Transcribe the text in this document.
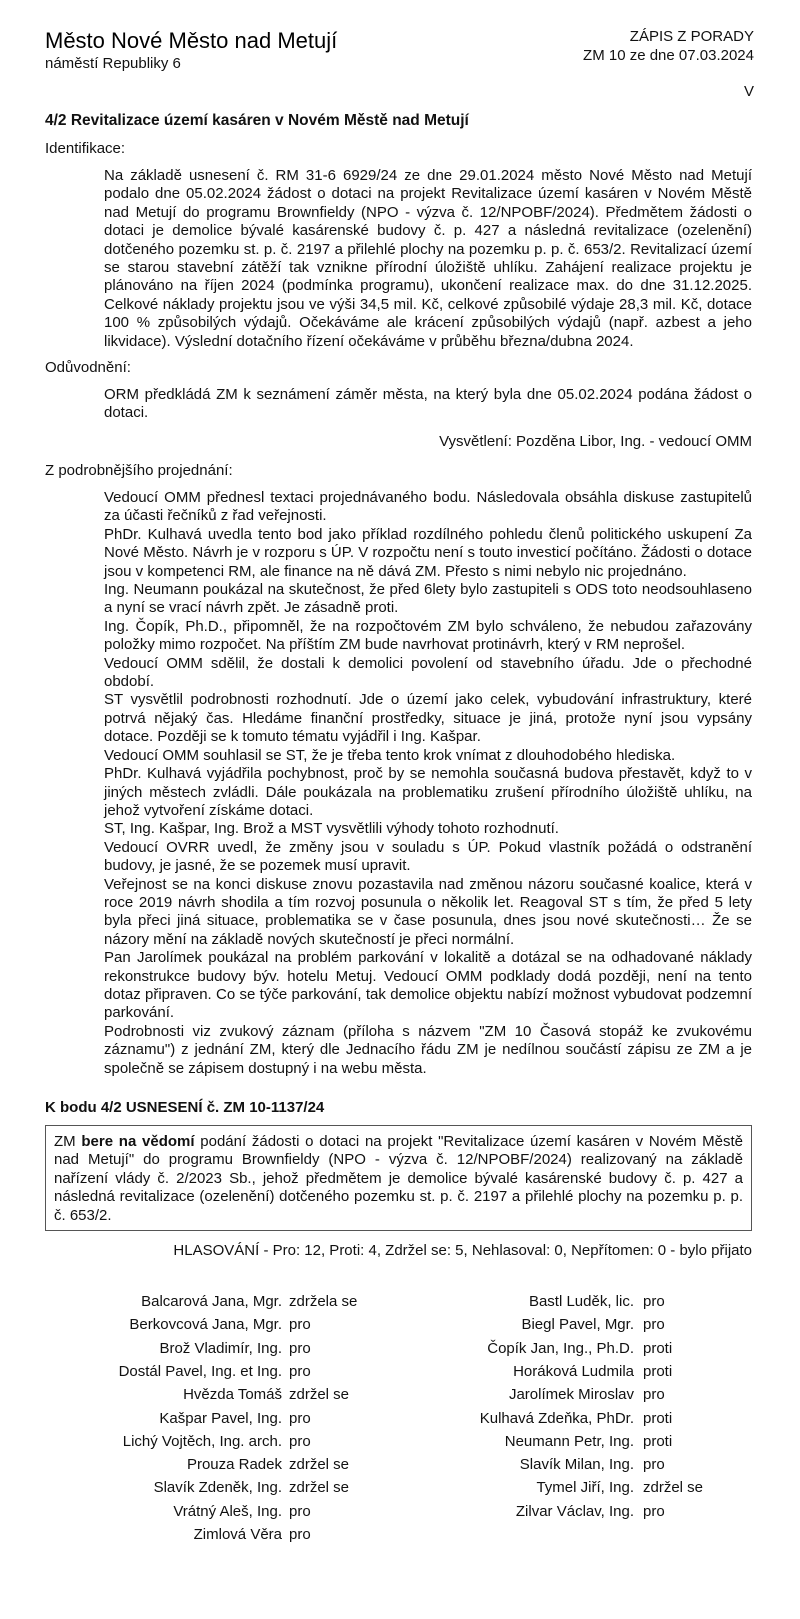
Město Nové Město nad Metují
náměstí Republiky 6
ZÁPIS Z PORADY
ZM 10 ze dne 07.03.2024
V
4/2 Revitalizace území kasáren v Novém Městě nad Metují
Identifikace:
Na základě usnesení č. RM 31-6 6929/24 ze dne 29.01.2024 město Nové Město nad Metují podalo dne 05.02.2024 žádost o dotaci na projekt Revitalizace území kasáren v Novém Městě nad Metují do programu Brownfieldy (NPO - výzva č. 12/NPOBF/2024). Předmětem žádosti o dotaci je demolice bývalé kasárenské budovy č. p. 427 a následná revitalizace (ozelenění) dotčeného pozemku st. p. č. 2197 a přilehlé plochy na pozemku p. p. č. 653/2. Revitalizací území se starou stavební zátěží tak vznikne přírodní úložiště uhlíku. Zahájení realizace projektu je plánováno na říjen 2024 (podmínka programu), ukončení realizace max. do dne 31.12.2025. Celkové náklady projektu jsou ve výši 34,5 mil. Kč, celkové způsobilé výdaje 28,3 mil. Kč, dotace 100 % způsobilých výdajů. Očekáváme ale krácení způsobilých výdajů (např. azbest a jeho likvidace). Výslední dotačního řízení očekáváme v průběhu března/dubna 2024.
Odůvodnění:
ORM předkládá ZM k seznámení záměr města, na který byla dne 05.02.2024 podána žádost o dotaci.
Vysvětlení: Pozděna Libor, Ing. - vedoucí OMM
Z podrobnějšího projednání:

Vedoucí OMM přednesl textaci projednávaného bodu. Následovala obsáhla diskuse zastupitelů za účasti řečníků z řad veřejnosti.

PhDr. Kulhavá uvedla tento bod jako příklad rozdílného pohledu členů politického uskupení Za Nové Město. Návrh je v rozporu s ÚP. V rozpočtu není s touto investicí počítáno. Žádosti o dotace jsou v kompetenci RM, ale finance na ně dává ZM. Přesto s nimi nebylo nic projednáno.

Ing. Neumann poukázal na skutečnost, že před 6lety bylo zastupiteli s ODS toto neodsouhlaseno a nyní se vrací návrh zpět. Je zásadně proti.

Ing. Čopík, Ph.D., připomněl, že na rozpočtovém ZM bylo schváleno, že nebudou zařazovány položky mimo rozpočet. Na příštím ZM bude navrhovat protinávrh, který v RM neprošel.

Vedoucí OMM sdělil, že dostali k demolici povolení od stavebního úřadu. Jde o přechodné období.

ST vysvětlil podrobnosti rozhodnutí. Jde o území jako celek, vybudování infrastruktury, které potrvá nějaký čas. Hledáme finanční prostředky, situace je jiná, protože nyní jsou vypsány dotace. Později se k tomuto tématu vyjádřil i Ing. Kašpar.

Vedoucí OMM souhlasil se ST, že je třeba tento krok vnímat z dlouhodobého hlediska.

PhDr. Kulhavá vyjádřila pochybnost, proč by se nemohla současná budova přestavět, když to v jiných městech zvládli. Dále poukázala na problematiku zrušení přírodního úložiště uhlíku, na jehož vytvoření získáme dotaci.

ST, Ing. Kašpar, Ing. Brož a MST vysvětlili výhody tohoto rozhodnutí.

Vedoucí OVRR uvedl, že změny jsou v souladu s ÚP. Pokud vlastník požádá o odstranění budovy, je jasné, že se pozemek musí upravit.

Veřejnost se na konci diskuse znovu pozastavila nad změnou názoru současné koalice, která v roce 2019 návrh shodila a tím rozvoj posunula o několik let. Reagoval ST s tím, že před 5 lety byla přeci jiná situace, problematika se v čase posunula, dnes jsou nové skutečnosti… Že se názory mění na základě nových skutečností je přeci normální.

Pan Jarolímek poukázal na problém parkování v lokalitě a dotázal se na odhadované náklady rekonstrukce budovy býv. hotelu Metuj. Vedoucí OMM podklady dodá později, není na tento dotaz připraven. Co se týče parkování, tak demolice objektu nabízí možnost vybudovat podzemní parkování.

Podrobnosti viz zvukový záznam (příloha s názvem "ZM 10 Časová stopáž ke zvukovému záznamu") z jednání ZM, který dle Jednacího řádu ZM je nedílnou součástí zápisu ze ZM a je společně se zápisem dostupný i na webu města.

K bodu 4/2 USNESENÍ č. ZM 10-1137/24
ZM bere na vědomí podání žádosti o dotaci na projekt "Revitalizace území kasáren v Novém Městě nad Metují" do programu Brownfieldy (NPO - výzva č. 12/NPOBF/2024) realizovaný na základě nařízení vlády č. 2/2023 Sb., jehož předmětem je demolice bývalé kasárenské budovy č. p. 427 a následná revitalizace (ozelenění) dotčeného pozemku st. p. č. 2197 a přilehlé plochy na pozemku p. p. č. 653/2.
HLASOVÁNÍ - Pro: 12, Proti: 4, Zdržel se: 5, Nehlasoval: 0, Nepřítomen: 0 - bylo přijato
Balcarová Jana, Mgr. zdržela se
Berkovcová Jana, Mgr. pro
Brož Vladimír, Ing. pro
Dostál Pavel, Ing. et Ing. pro
Hvězda Tomáš zdržel se
Kašpar Pavel, Ing. pro
Lichý Vojtěch, Ing. arch. pro
Prouza Radek zdržel se
Slavík Zdeněk, Ing. zdržel se
Vrátný Aleš, Ing. pro
Zimlová Věra pro
Bastl Luděk, lic. pro
Biegl Pavel, Mgr. pro
Čopík Jan, Ing., Ph.D. proti
Horáková Ludmila proti
Jarolímek Miroslav pro
Kulhavá Zdeňka, PhDr. proti
Neumann Petr, Ing. proti
Slavík Milan, Ing. pro
Tymel Jiří, Ing. zdržel se
Zilvar Václav, Ing. pro
